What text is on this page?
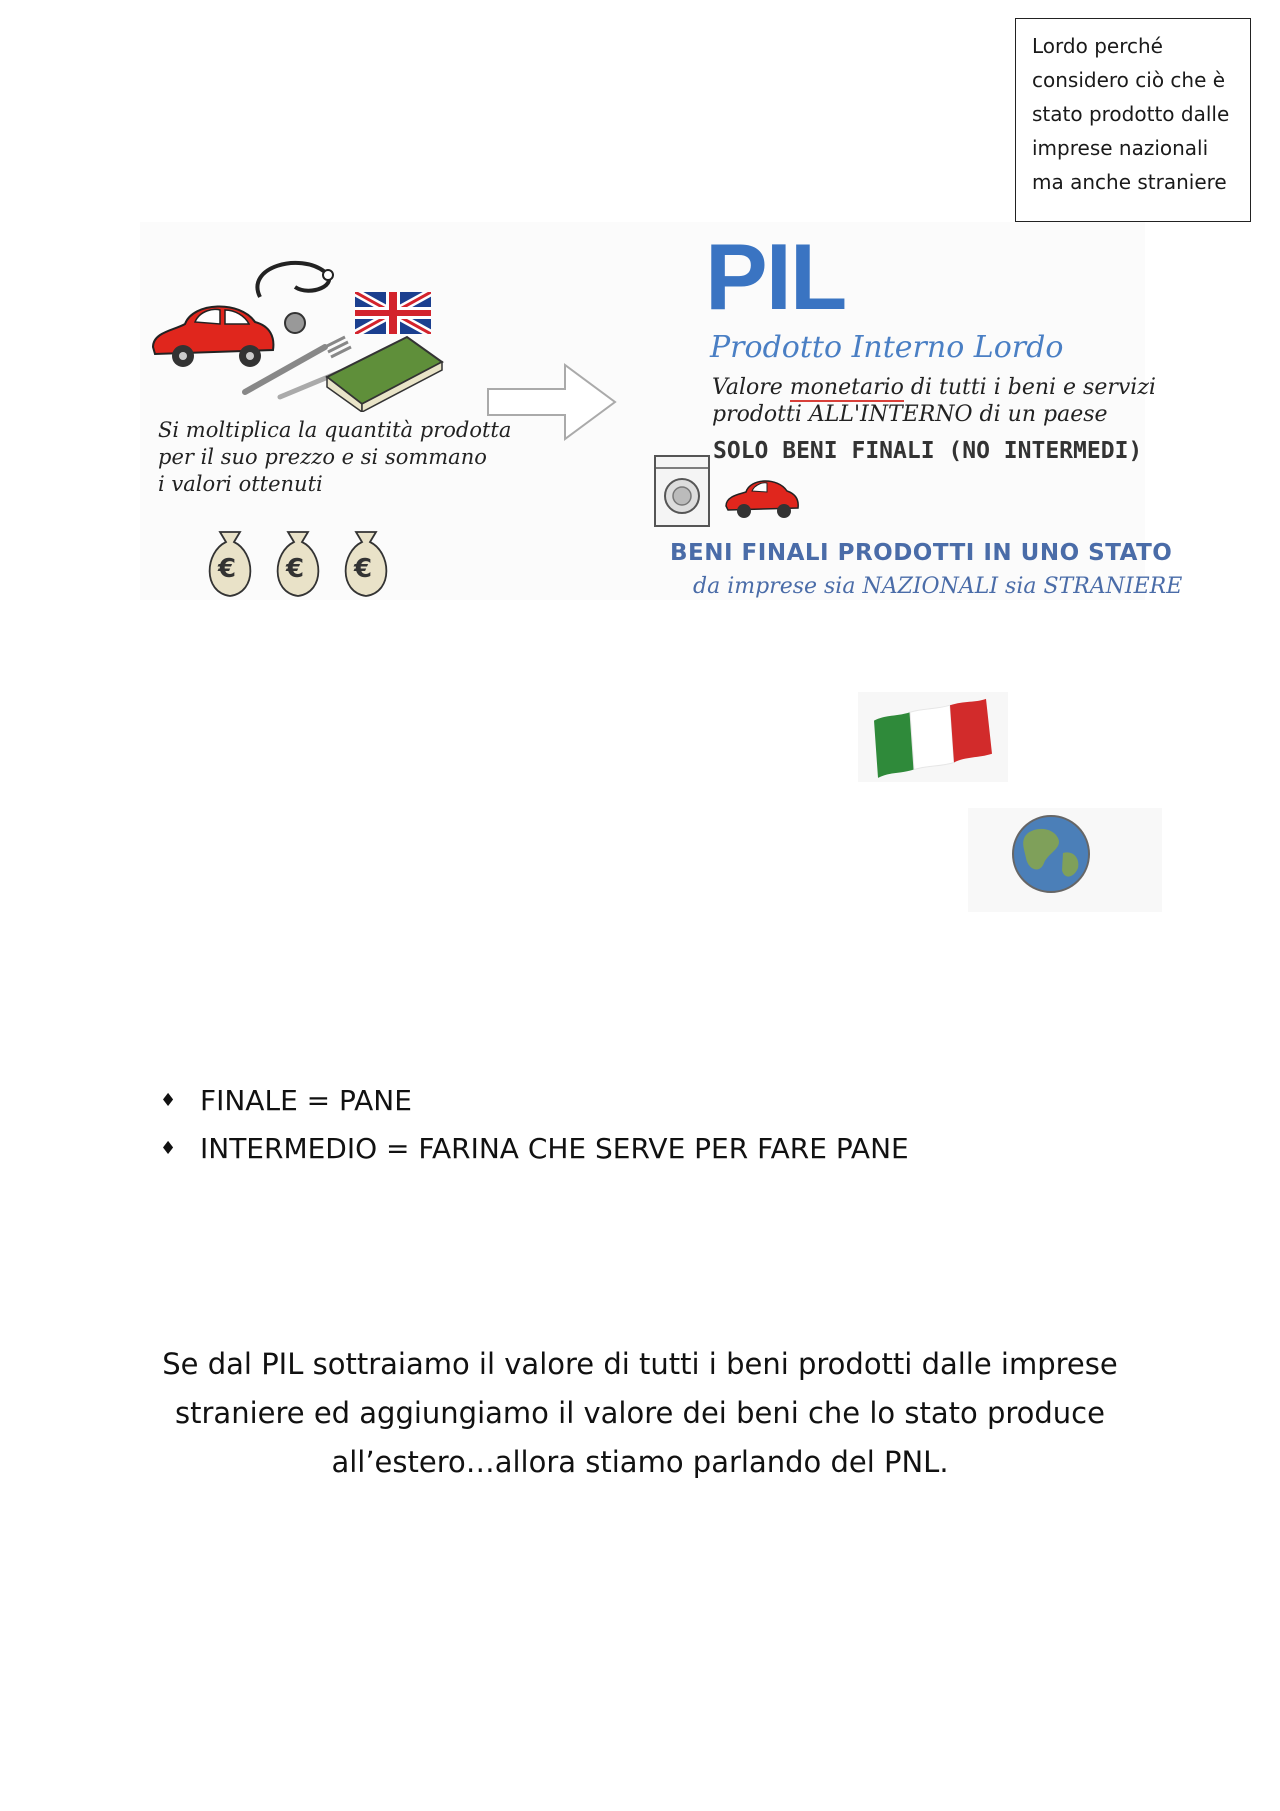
Lordo perché
considero ciò che è
stato prodotto dalle
imprese nazionali
ma anche straniere
Si moltiplica la quantità prodotta
per il suo prezzo e si sommano
i valori ottenuti
€ € €
PIL
Prodotto Interno Lordo
Valore monetario di tutti i beni e servizi
prodotti ALL'INTERNO di un paese
SOLO BENI FINALI (NO INTERMEDI)
BENI FINALI PRODOTTI IN UNO STATO
da imprese sia NAZIONALI sia STRANIERE
♦ FINALE = PANE
♦ INTERMEDIO = FARINA CHE SERVE PER FARE PANE
Se dal PIL sottraiamo il valore di tutti i beni prodotti dalle imprese
straniere ed aggiungiamo il valore dei beni che lo stato produce
all’estero…allora stiamo parlando del PNL.
